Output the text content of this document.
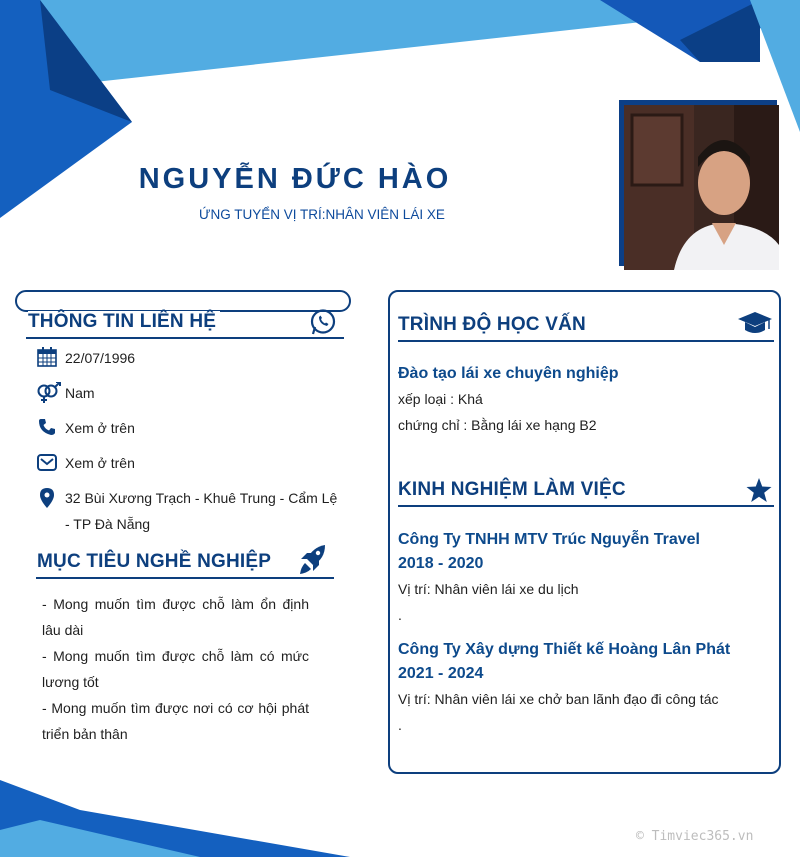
NGUYỄN ĐỨC HÀO
ỨNG TUYỂN VỊ TRÍ:NHÂN VIÊN LÁI XE
THÔNG TIN LIÊN HỆ
22/07/1996
Nam
Xem ở trên
Xem ở trên
32 Bùi Xương Trạch - Khuê Trung - Cẩm Lệ
- TP Đà Nẵng
MỤC TIÊU NGHỀ NGHIỆP
- Mong muốn tìm được chỗ làm ổn định lâu dài
- Mong muốn tìm được chỗ làm có mức lương tốt
- Mong muốn tìm được nơi có cơ hội phát triển bản thân
TRÌNH ĐỘ HỌC VẤN
Đào tạo lái xe chuyên nghiệp
xếp loại : Khá
chứng chỉ : Bằng lái xe hạng B2
KINH NGHIỆM LÀM VIỆC
Công Ty TNHH MTV Trúc Nguyễn Travel
2018 - 2020
Vị trí: Nhân viên lái xe du lịch
.
Công Ty Xây dựng Thiết kế Hoàng Lân Phát
2021 - 2024
Vị trí: Nhân viên lái xe chở ban lãnh đạo đi công tác
.
© Timviec365.vn
